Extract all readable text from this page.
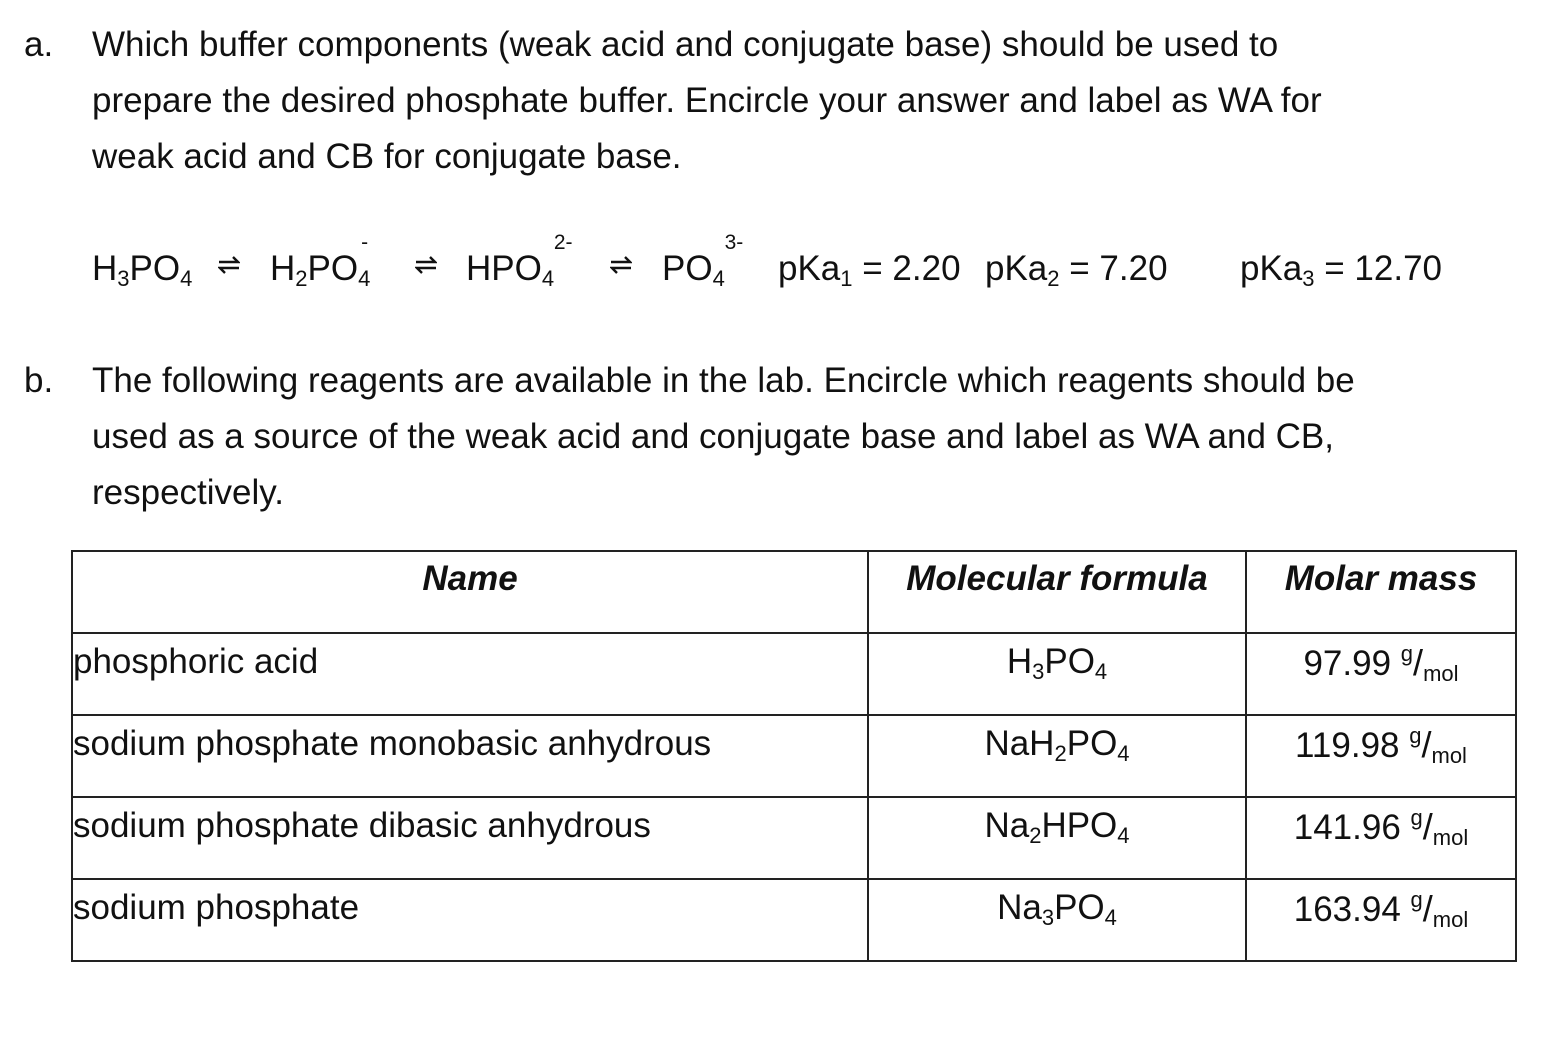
a. Which buffer components (weak acid and conjugate base) should be used to
prepare the desired phosphate buffer. Encircle your answer and label as WA for
weak acid and CB for conjugate base.
$H_3PO_4$ ⇌ $H_2PO_4$
-
⇌ $HPO_4$
2-
⇌ $PO_4$
3-
pKa$_1$ = 2.20 pKa$_2$ = 7.20 pKa$_3$ = 12.70
b. The following reagents are available in the lab. Encircle which reagents should be
used as a source of the weak acid and conjugate base and label as WA and CB,
respectively.
Name	Molecular formula	Molar mass
phosphoric acid	$H_3PO_4$	97.99 $^g$/mol
sodium phosphate monobasic anhydrous	$NaH_2PO_4$	119.98 $^g$/mol
sodium phosphate dibasic anhydrous	$Na_2HPO_4$	141.96 $^g$/mol
sodium phosphate	$Na_3PO_4$	163.94 $^g$/mol
